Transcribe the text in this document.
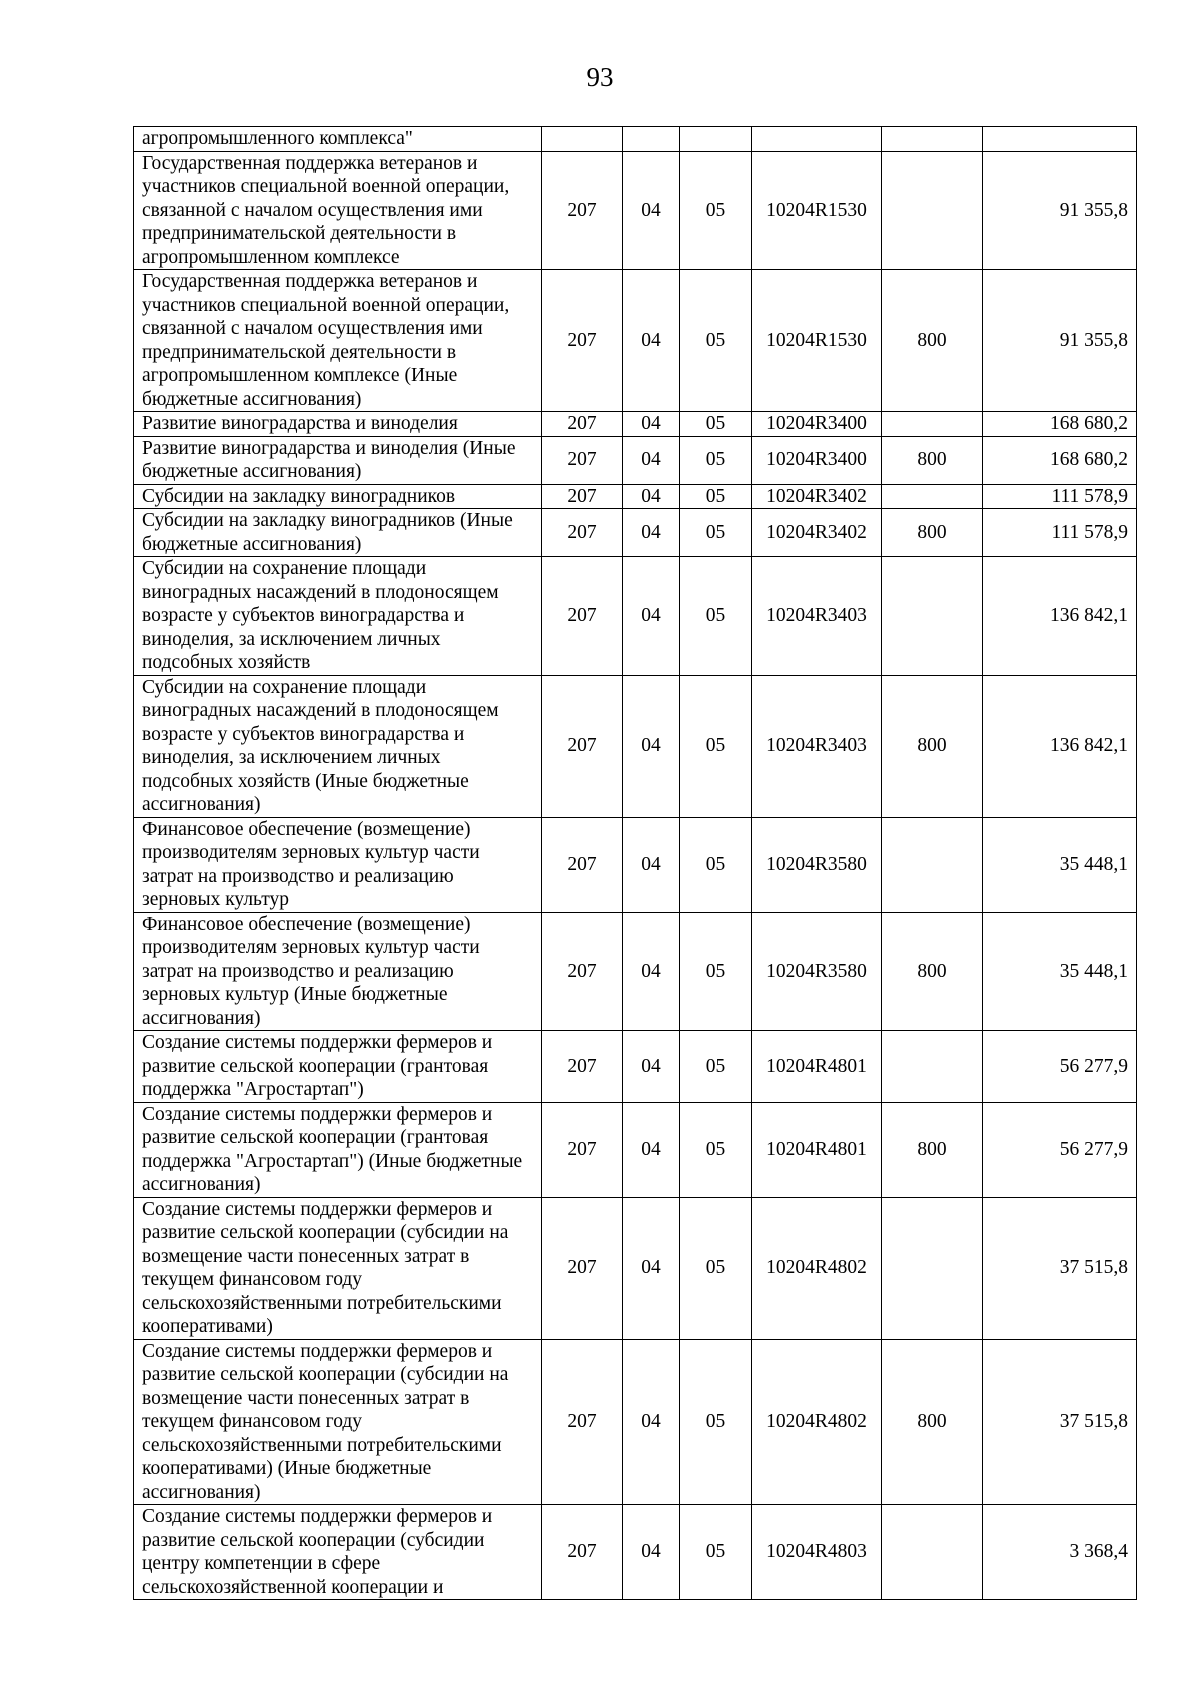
93
агропромышленного комплекса"						
Государственная поддержка ветеранов и участников специальной военной операции, связанной с началом осуществления ими предпринимательской деятельности в агропромышленном комплексе	207	04	05	10204R1530		91 355,8
Государственная поддержка ветеранов и участников специальной военной операции, связанной с началом осуществления ими предпринимательской деятельности в агропромышленном комплексе (Иные бюджетные ассигнования)	207	04	05	10204R1530	800	91 355,8
Развитие виноградарства и виноделия	207	04	05	10204R3400		168 680,2
Развитие виноградарства и виноделия (Иные бюджетные ассигнования)	207	04	05	10204R3400	800	168 680,2
Субсидии на закладку виноградников	207	04	05	10204R3402		111 578,9
Субсидии на закладку виноградников (Иные бюджетные ассигнования)	207	04	05	10204R3402	800	111 578,9
Субсидии на сохранение площади виноградных насаждений в плодоносящем возрасте у субъектов виноградарства и виноделия, за исключением личных подсобных хозяйств	207	04	05	10204R3403		136 842,1
Субсидии на сохранение площади виноградных насаждений в плодоносящем возрасте у субъектов виноградарства и виноделия, за исключением личных подсобных хозяйств (Иные бюджетные ассигнования)	207	04	05	10204R3403	800	136 842,1
Финансовое обеспечение (возмещение) производителям зерновых культур части затрат на производство и реализацию зерновых культур	207	04	05	10204R3580		35 448,1
Финансовое обеспечение (возмещение) производителям зерновых культур части затрат на производство и реализацию зерновых культур (Иные бюджетные ассигнования)	207	04	05	10204R3580	800	35 448,1
Создание системы поддержки фермеров и развитие сельской кооперации (грантовая поддержка "Агростартап")	207	04	05	10204R4801		56 277,9
Создание системы поддержки фермеров и развитие сельской кооперации (грантовая поддержка "Агростартап") (Иные бюджетные ассигнования)	207	04	05	10204R4801	800	56 277,9
Создание системы поддержки фермеров и развитие сельской кооперации (субсидии на возмещение части понесенных затрат в текущем финансовом году сельскохозяйственными потребительскими кооперативами)	207	04	05	10204R4802		37 515,8
Создание системы поддержки фермеров и развитие сельской кооперации (субсидии на возмещение части понесенных затрат в текущем финансовом году сельскохозяйственными потребительскими кооперативами) (Иные бюджетные ассигнования)	207	04	05	10204R4802	800	37 515,8
Создание системы поддержки фермеров и развитие сельской кооперации (субсидии центру компетенции в сфере сельскохозяйственной кооперации и	207	04	05	10204R4803		3 368,4
